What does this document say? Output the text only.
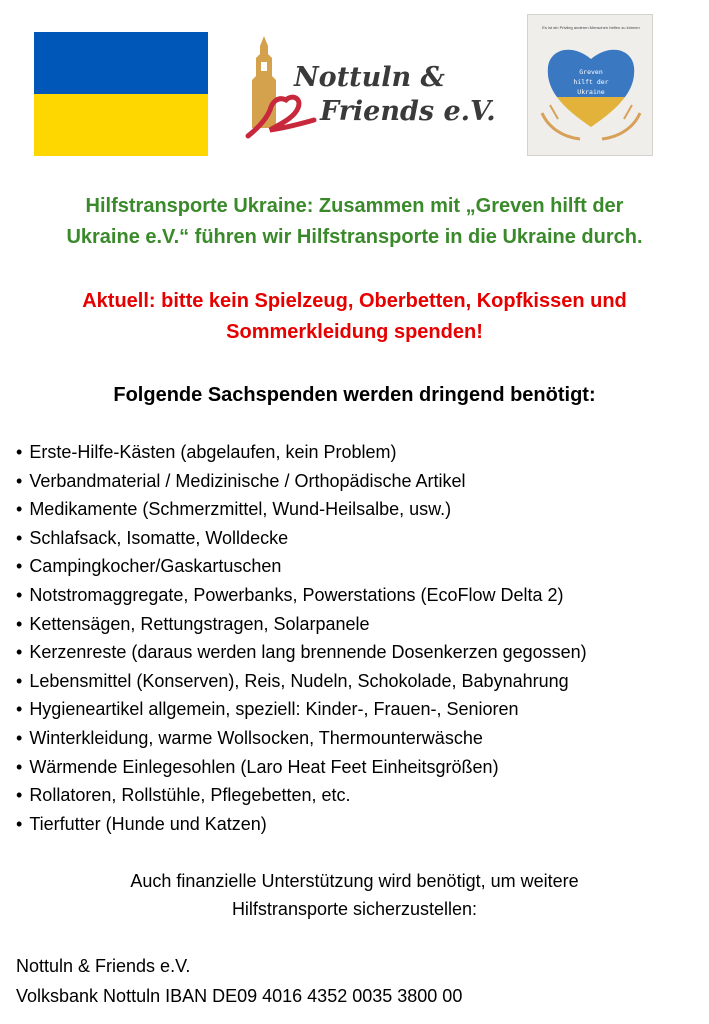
Nottuln &
Friends e.V.
Es ist ein Privileg anderen Menschen helfen zu können
Greven
hilft der
Ukraine
Hilfstransporte Ukraine: Zusammen mit „Greven hilft der
Ukraine e.V.“ führen wir Hilfstransporte in die Ukraine durch.
Aktuell: bitte kein Spielzeug, Oberbetten, Kopfkissen und
Sommerkleidung spenden!
Folgende Sachspenden werden dringend benötigt:
• Erste-Hilfe-Kästen (abgelaufen, kein Problem)
• Verbandmaterial / Medizinische / Orthopädische Artikel
• Medikamente (Schmerzmittel, Wund-Heilsalbe, usw.)
• Schlafsack, Isomatte, Wolldecke
• Campingkocher/Gaskartuschen
• Notstromaggregate, Powerbanks, Powerstations (EcoFlow Delta 2)
• Kettensägen, Rettungstragen, Solarpanele
• Kerzenreste (daraus werden lang brennende Dosenkerzen gegossen)
• Lebensmittel (Konserven), Reis, Nudeln, Schokolade, Babynahrung
• Hygieneartikel allgemein, speziell: Kinder-, Frauen-, Senioren
• Winterkleidung, warme Wollsocken, Thermounterwäsche
• Wärmende Einlegesohlen (Laro Heat Feet Einheitsgrößen)
• Rollatoren, Rollstühle, Pflegebetten, etc.
• Tierfutter (Hunde und Katzen)
Auch finanzielle Unterstützung wird benötigt, um weitere
Hilfstransporte sicherzustellen:
Nottuln & Friends e.V.
Volksbank Nottuln IBAN DE09 4016 4352 0035 3800 00
